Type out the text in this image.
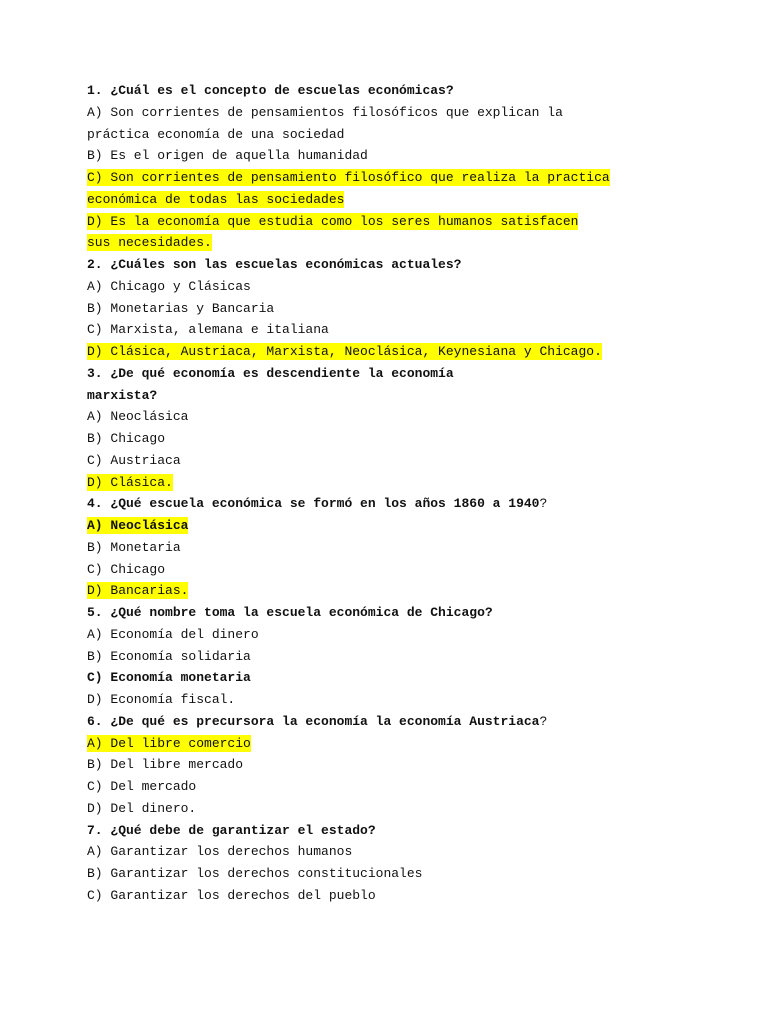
1. ¿Cuál es el concepto de escuelas económicas?
A) Son corrientes de pensamientos filosóficos que explican la
práctica economía de una sociedad
B) Es el origen de aquella humanidad
C) Son corrientes de pensamiento filosófico que realiza la practica
económica de todas las sociedades
D) Es la economía que estudia como los seres humanos satisfacen
sus necesidades.
2. ¿Cuáles son las escuelas económicas actuales?
A) Chicago y Clásicas
B) Monetarias y Bancaria
C) Marxista, alemana e italiana
D) Clásica, Austriaca, Marxista, Neoclásica, Keynesiana y Chicago.
3. ¿De qué economía es descendiente la economía
marxista?
A) Neoclásica
B) Chicago
C) Austriaca
D) Clásica.
4. ¿Qué escuela económica se formó en los años 1860 a 1940?
A) Neoclásica
B) Monetaria
C) Chicago
D) Bancarias.
5. ¿Qué nombre toma la escuela económica de Chicago?
A) Economía del dinero
B) Economía solidaria
C) Economía monetaria
D) Economía fiscal.
6. ¿De qué es precursora la economía la economía Austriaca?
A) Del libre comercio
B) Del libre mercado
C) Del mercado
D) Del dinero.
7. ¿Qué debe de garantizar el estado?
A) Garantizar los derechos humanos
B) Garantizar los derechos constitucionales
C) Garantizar los derechos del pueblo
